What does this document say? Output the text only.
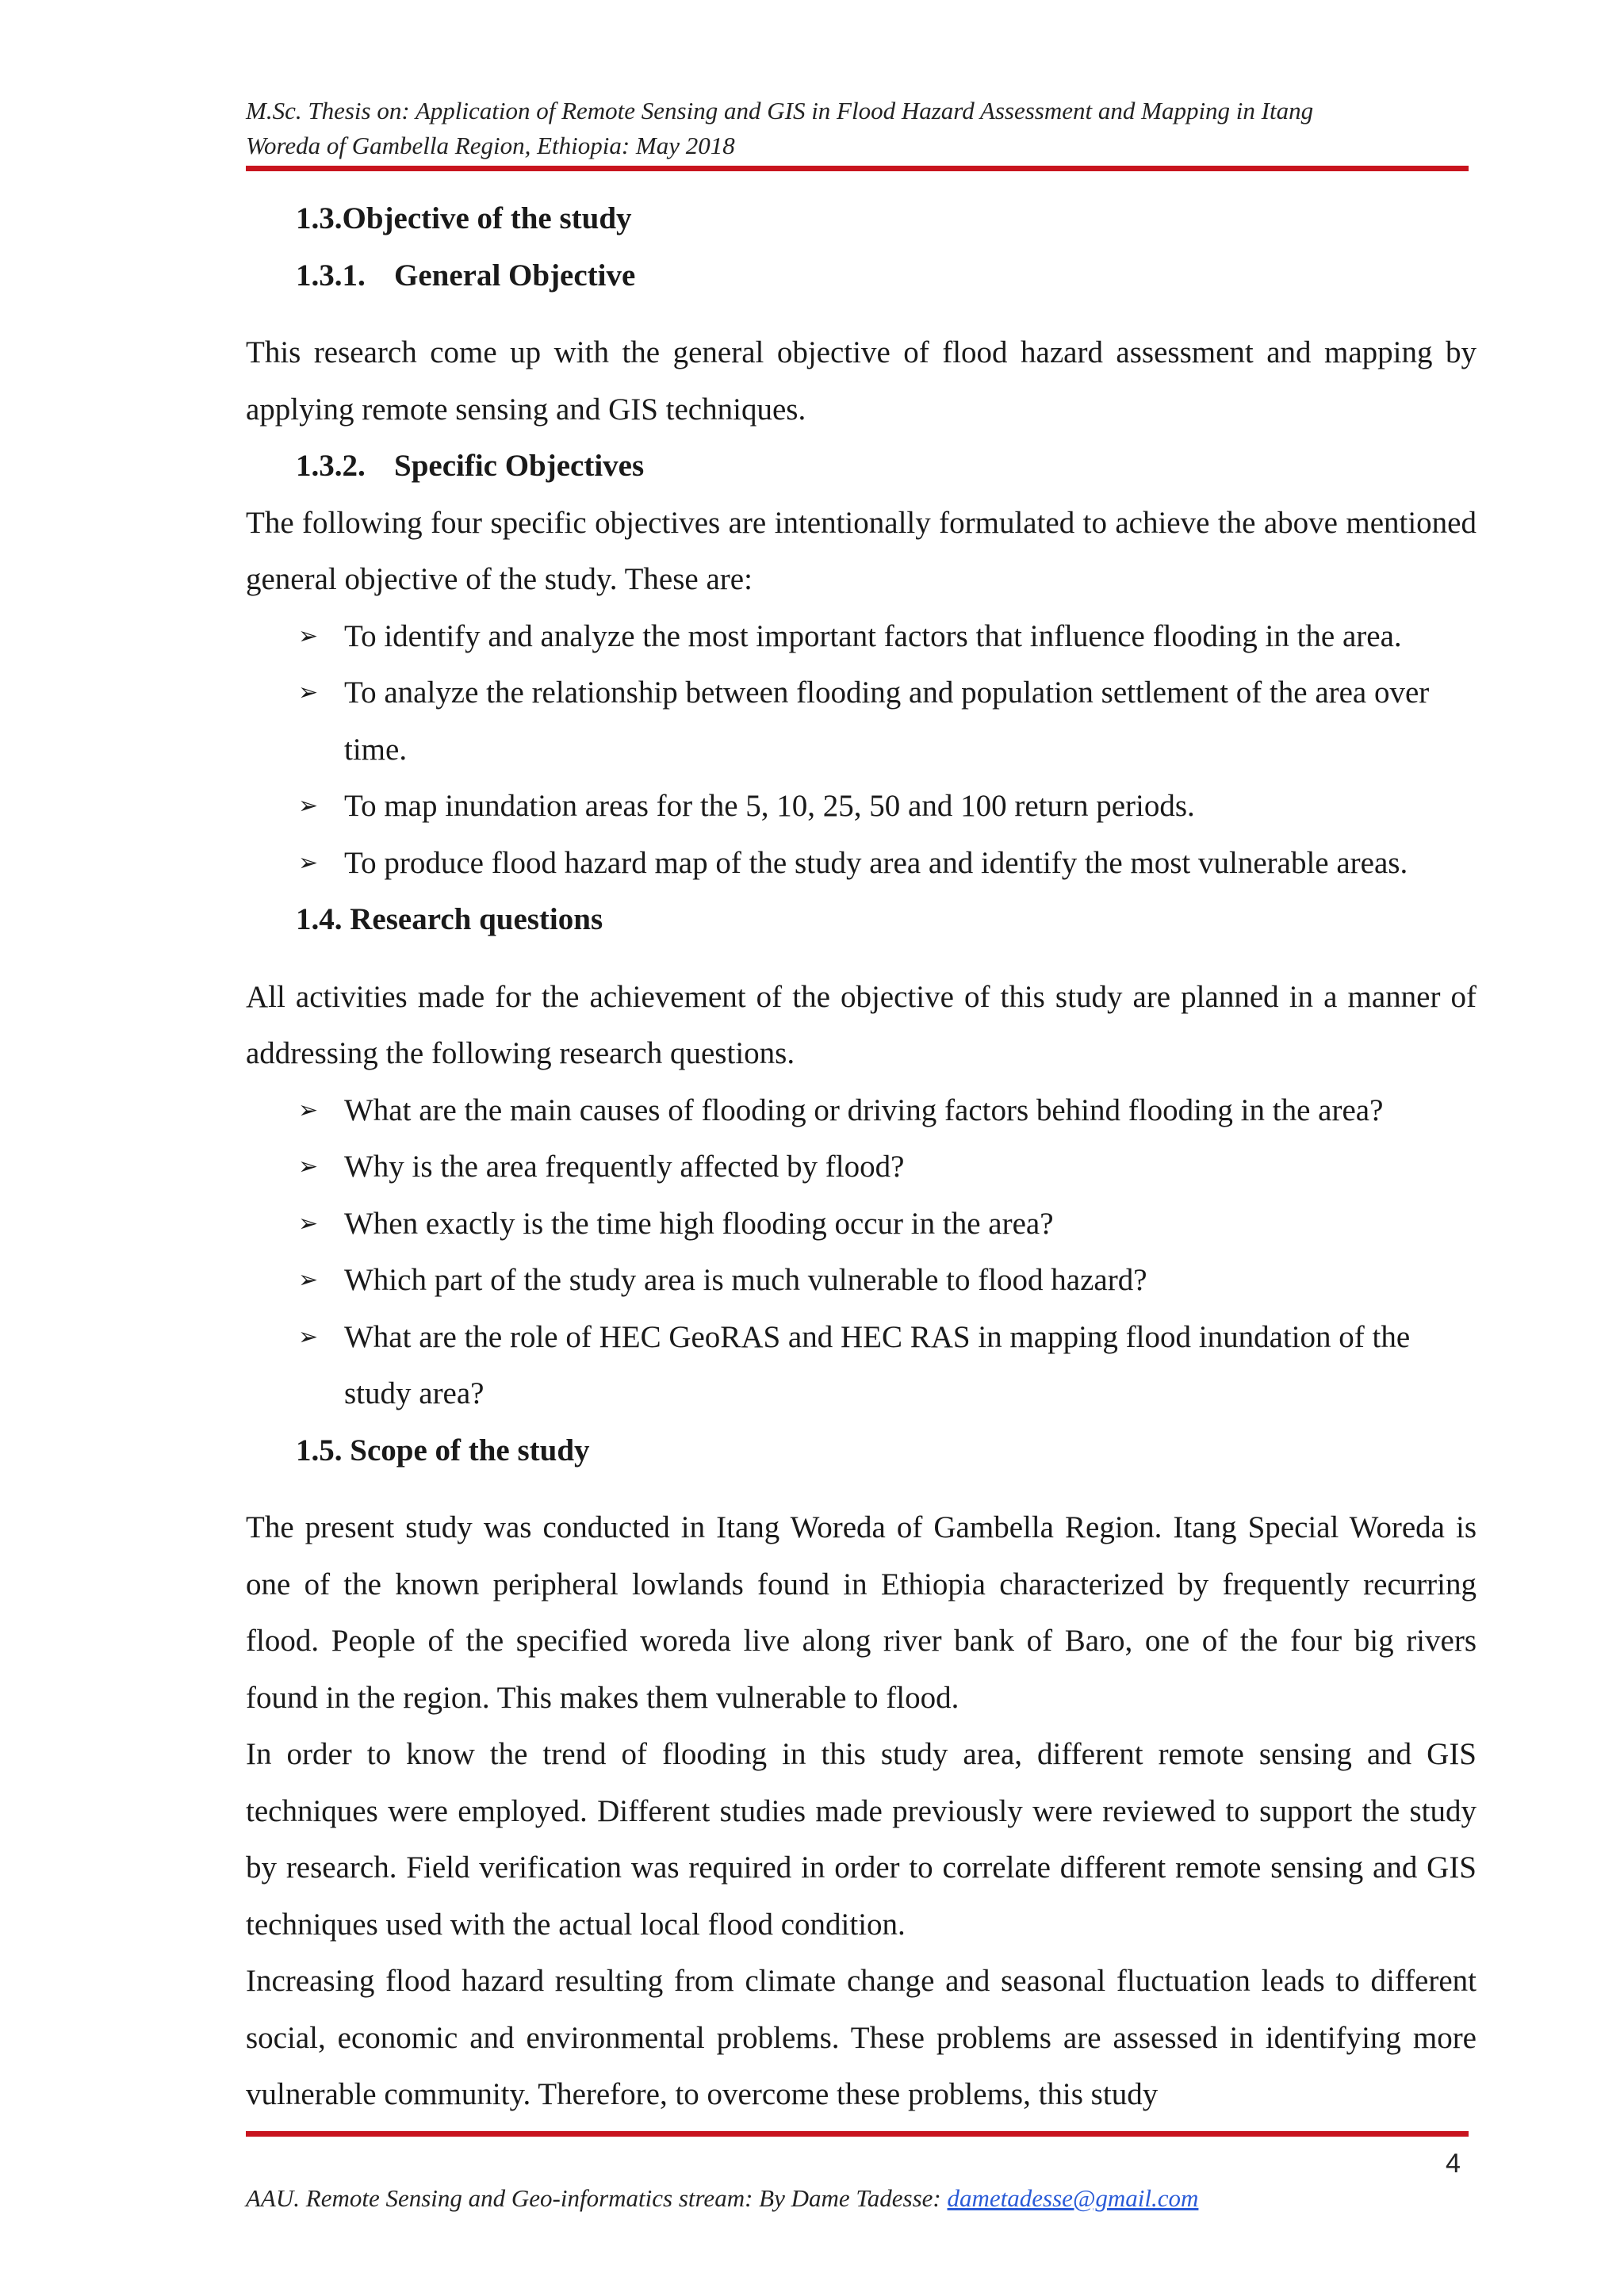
M.Sc. Thesis on: Application of Remote Sensing and GIS in Flood Hazard Assessment and Mapping in Itang
Woreda of Gambella Region, Ethiopia: May 2018
1.3.Objective of the study
1.3.1. General Objective
This research come up with the general objective of flood hazard assessment and mapping by applying remote sensing and GIS techniques.
1.3.2. Specific Objectives
The following four specific objectives are intentionally formulated to achieve the above mentioned general objective of the study. These are:
➢ To identify and analyze the most important factors that influence flooding in the area.
➢ To analyze the relationship between flooding and population settlement of the area over time.
➢ To map inundation areas for the 5, 10, 25, 50 and 100 return periods.
➢ To produce flood hazard map of the study area and identify the most vulnerable areas.
1.4. Research questions
All activities made for the achievement of the objective of this study are planned in a manner of addressing the following research questions.
➢ What are the main causes of flooding or driving factors behind flooding in the area?
➢ Why is the area frequently affected by flood?
➢ When exactly is the time high flooding occur in the area?
➢ Which part of the study area is much vulnerable to flood hazard?
➢ What are the role of HEC GeoRAS and HEC RAS in mapping flood inundation of the study area?
1.5. Scope of the study
The present study was conducted in Itang Woreda of Gambella Region. Itang Special Woreda is one of the known peripheral lowlands found in Ethiopia characterized by frequently recurring flood. People of the specified woreda live along river bank of Baro, one of the four big rivers found in the region. This makes them vulnerable to flood.
In order to know the trend of flooding in this study area, different remote sensing and GIS techniques were employed. Different studies made previously were reviewed to support the study by research. Field verification was required in order to correlate different remote sensing and GIS techniques used with the actual local flood condition.
Increasing flood hazard resulting from climate change and seasonal fluctuation leads to different social, economic and environmental problems. These problems are assessed in identifying more vulnerable community. Therefore, to overcome these problems, this study
4
AAU. Remote Sensing and Geo-informatics stream: By Dame Tadesse: dametadesse@gmail.com
